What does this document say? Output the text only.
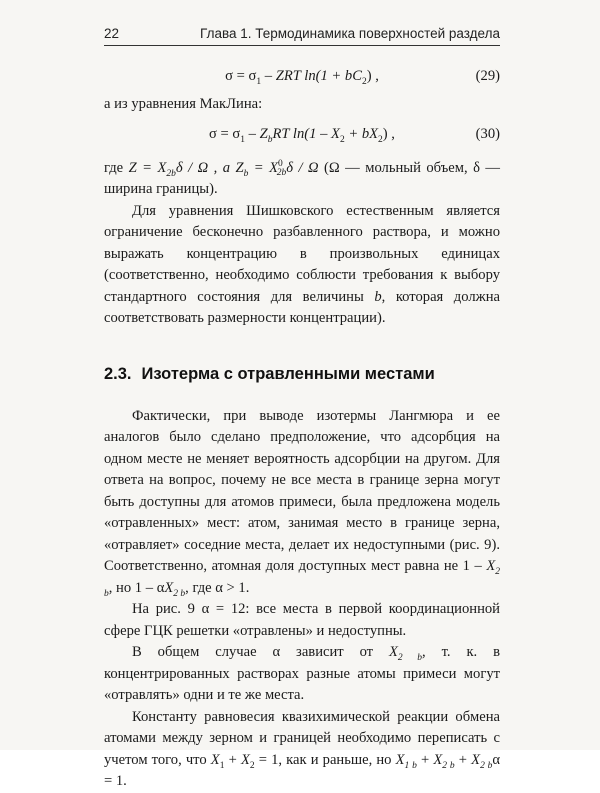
22	Глава 1. Термодинамика поверхностей раздела
$\sigma = \sigma_1$ – ZRT $\ln(1 + bC_2)$ ,	(29)

а из уравнения МакЛина:

$\sigma = \sigma_1 - Z_bRT$ $\ln(1 - X_2 + bX_2)$ ,	(30)

где $Z = X_{2b}\delta / \Omega$ , а $Z_b = X^0_{2b}\delta / \Omega$ (Ω — мольный объем, δ — ширина границы).

Для уравнения Шишковского естественным является ограничение бесконечно разбавленного раствора, и можно выражать концентрацию в произвольных единицах (соответственно, необходимо соблюсти требования к выбору стандартного состояния для величины b, которая должна соответствовать размерности концентрации).

2.3. Изотерма с отравленными местами

Фактически, при выводе изотермы Лангмюра и ее аналогов было сделано предположение, что адсорбция на одном месте не меняет вероятность адсорбции на другом. Для ответа на вопрос, почему не все места в границе зерна могут быть доступны для атомов примеси, была предложена модель «отравленных» мест: атом, занимая место в границе зерна, «отравляет» соседние места, делает их недоступными (рис. 9). Соответственно, атомная доля доступных мест равна не $1 - X_{2 b}$, но $1 - \alpha X_{2 b}$, где α > 1.

На рис. 9 α = 12: все места в первой координационной сфере ГЦК решетки «отравлены» и недоступны.

В общем случае α зависит от $X_{2 b}$, т. к. в концентрированных растворах разные атомы примеси могут «отравлять» одни и те же места.

Константу равновесия квазихимической реакции обмена атомами между зерном и границей необходимо переписать с учетом того, что $X_1 + X_2 = 1$, как и раньше, но $X_{1 b} + X_{2 b} + X_{2 b}\alpha = 1$.
